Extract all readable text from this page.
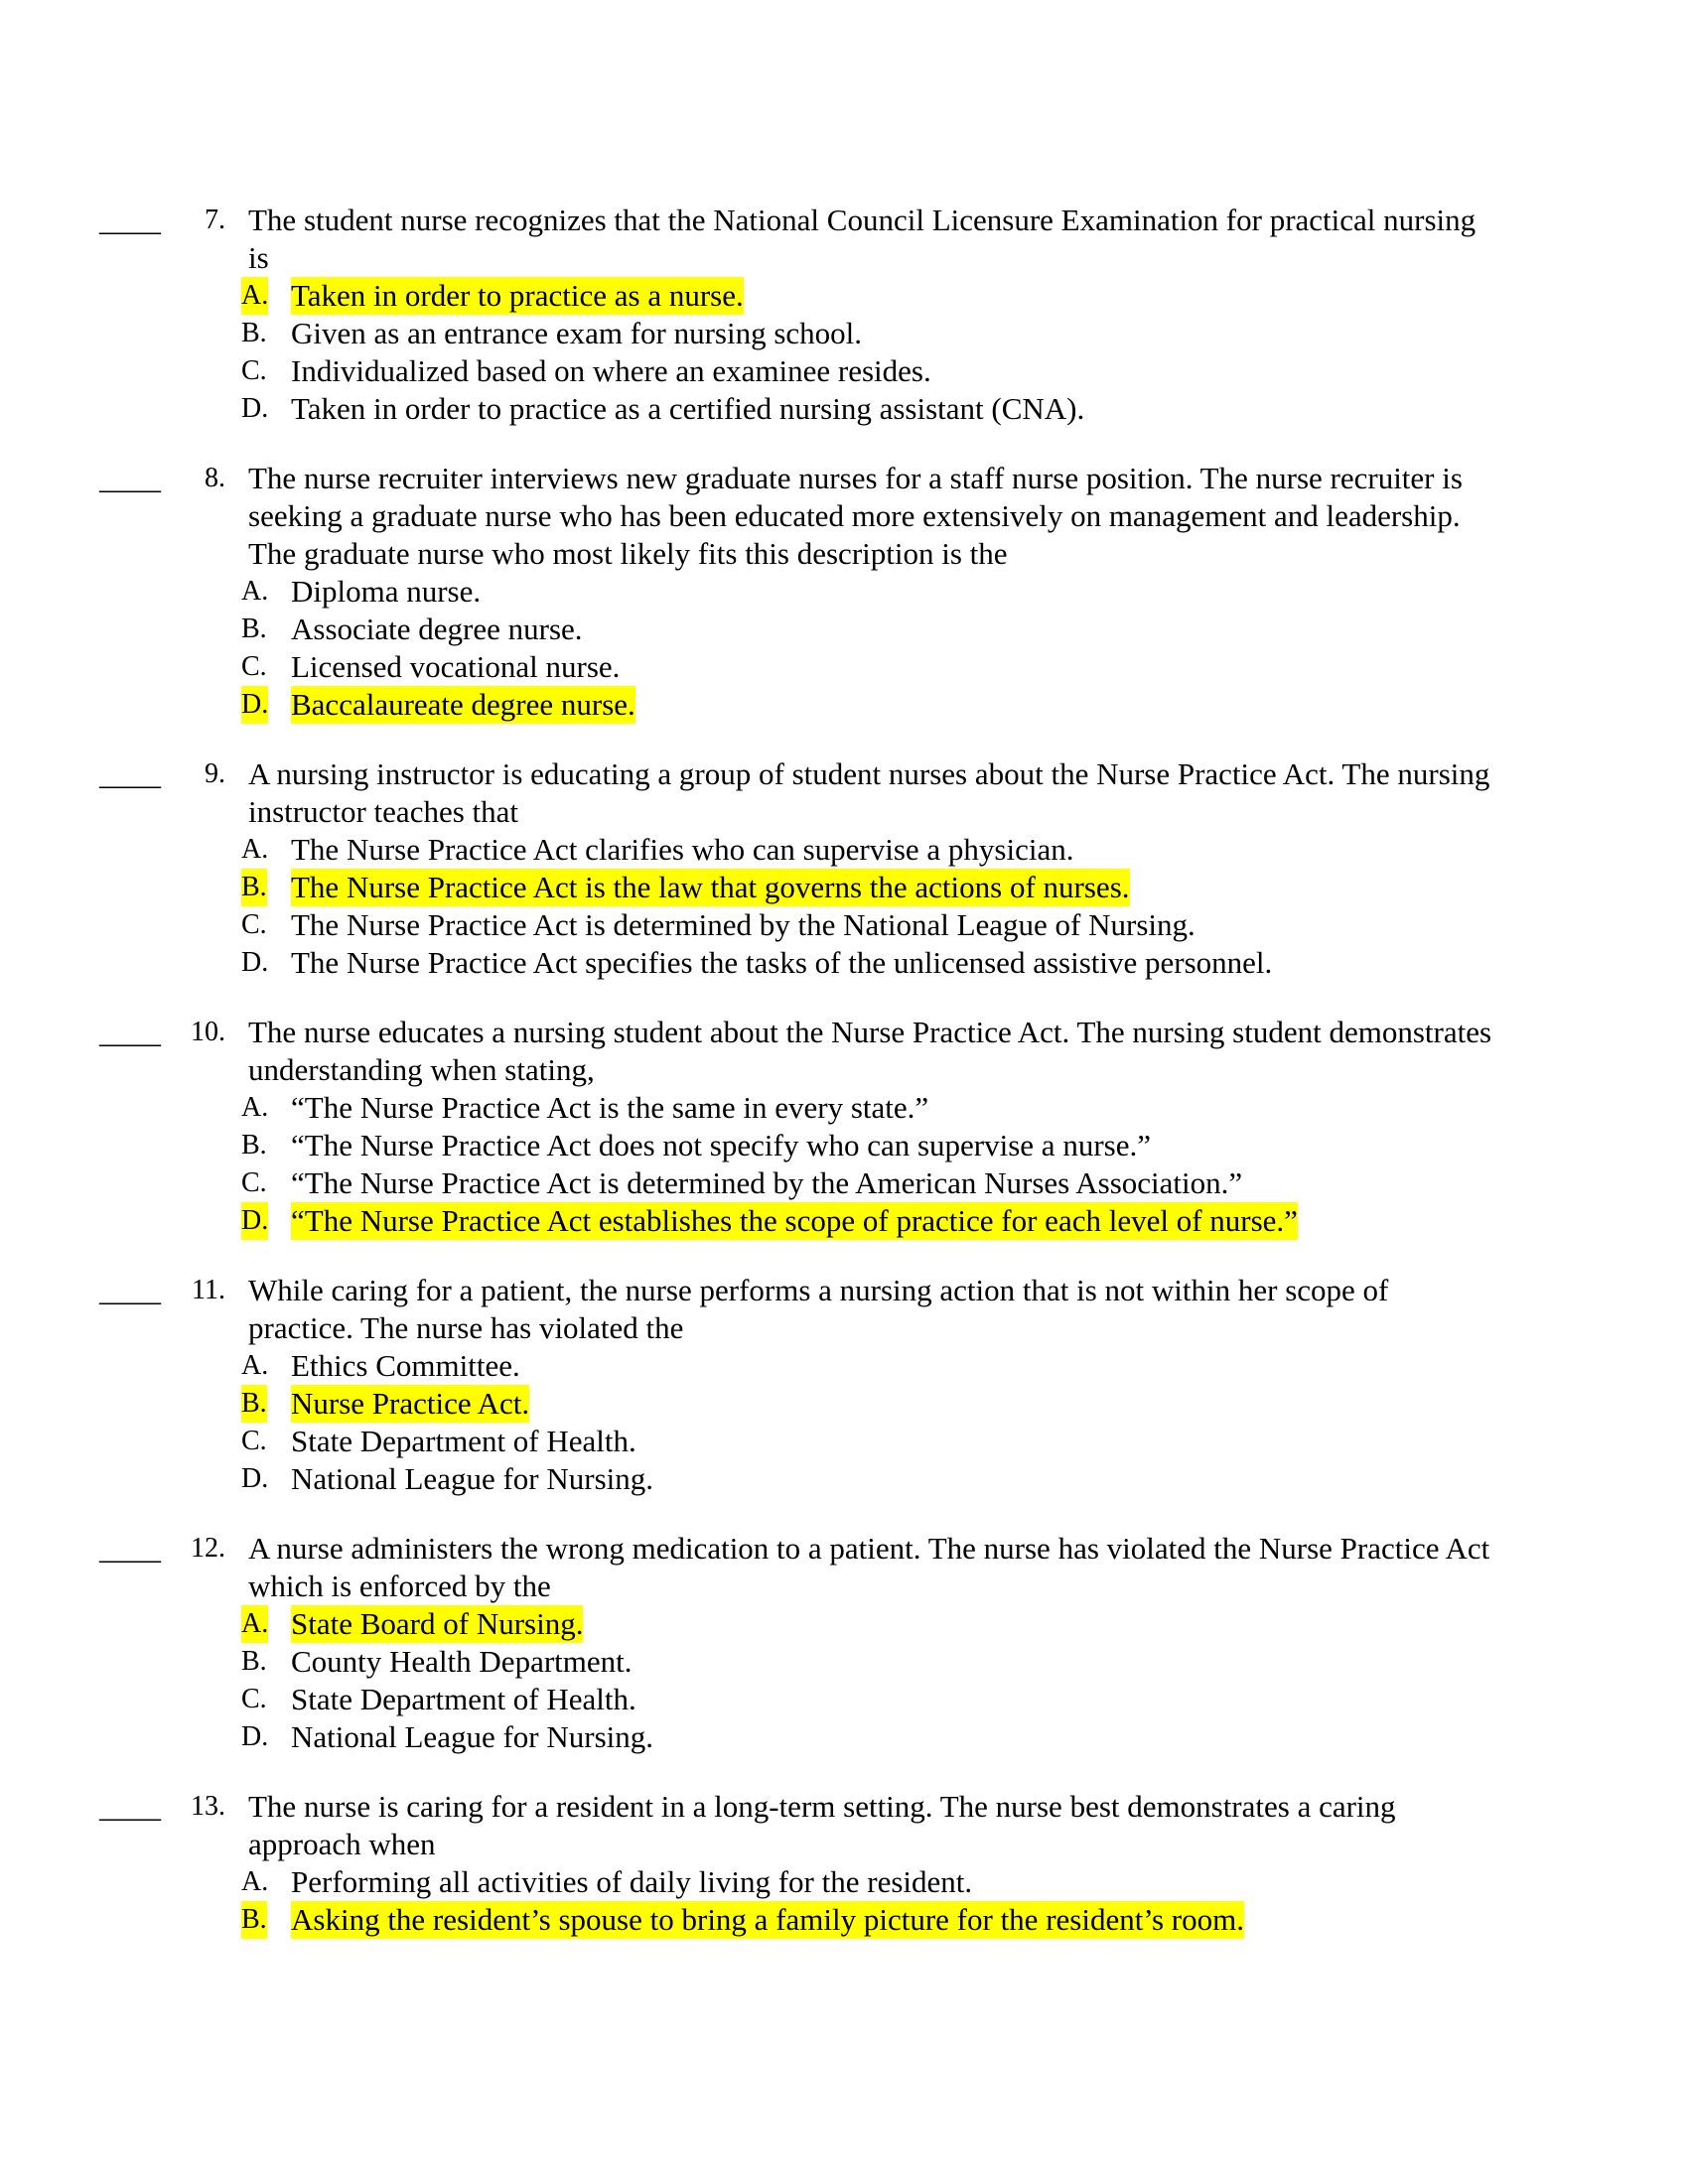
____	7. The student nurse recognizes that the National Council Licensure Examination for practical nursing
is
A. Taken in order to practice as a nurse.
B. Given as an entrance exam for nursing school.
C. Individualized based on where an examinee resides.
D. Taken in order to practice as a certified nursing assistant (CNA).
____	8. The nurse recruiter interviews new graduate nurses for a staff nurse position. The nurse recruiter is
seeking a graduate nurse who has been educated more extensively on management and leadership.
The graduate nurse who most likely fits this description is the
A. Diploma nurse.
B. Associate degree nurse.
C. Licensed vocational nurse.
D. Baccalaureate degree nurse.
____	9. A nursing instructor is educating a group of student nurses about the Nurse Practice Act. The nursing
instructor teaches that
A. The Nurse Practice Act clarifies who can supervise a physician.
B. The Nurse Practice Act is the law that governs the actions of nurses.
C. The Nurse Practice Act is determined by the National League of Nursing.
D. The Nurse Practice Act specifies the tasks of the unlicensed assistive personnel.
____	10. The nurse educates a nursing student about the Nurse Practice Act. The nursing student demonstrates
understanding when stating,
A. “The Nurse Practice Act is the same in every state.”
B. “The Nurse Practice Act does not specify who can supervise a nurse.”
C. “The Nurse Practice Act is determined by the American Nurses Association.”
D. “The Nurse Practice Act establishes the scope of practice for each level of nurse.”
____	11. While caring for a patient, the nurse performs a nursing action that is not within her scope of
practice. The nurse has violated the
A. Ethics Committee.
B. Nurse Practice Act.
C. State Department of Health.
D. National League for Nursing.
____	12. A nurse administers the wrong medication to a patient. The nurse has violated the Nurse Practice Act
which is enforced by the
A. State Board of Nursing.
B. County Health Department.
C. State Department of Health.
D. National League for Nursing.
____	13. The nurse is caring for a resident in a long-term setting. The nurse best demonstrates a caring
approach when
A. Performing all activities of daily living for the resident.
B. Asking the resident’s spouse to bring a family picture for the resident’s room.
